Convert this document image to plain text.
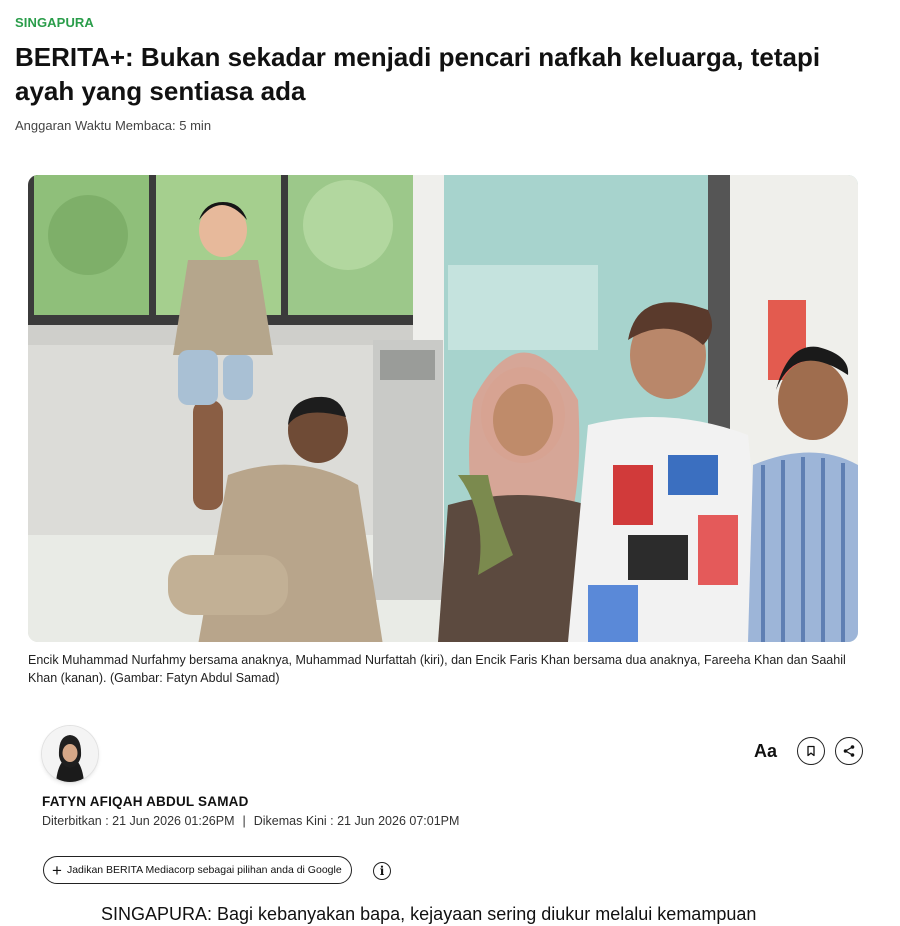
SINGAPURA
BERITA+: Bukan sekadar menjadi pencari nafkah keluarga, tetapi ayah yang sentiasa ada
Anggaran Waktu Membaca: 5 min
Encik Muhammad Nurfahmy bersama anaknya, Muhammad Nurfattah (kiri), dan Encik Faris Khan bersama dua anaknya, Fareeha Khan dan Saahil Khan (kanan). (Gambar: Fatyn Abdul Samad)
FATYN AFIQAH ABDUL SAMAD
Diterbitkan : 21 Jun 2026 01:26PM | Dikemas Kini : 21 Jun 2026 07:01PM
Aa
+ Jadikan BERITA Mediacorp sebagai pilihan anda di Google	i
SINGAPURA: Bagi kebanyakan bapa, kejayaan sering diukur melalui kemampuan
